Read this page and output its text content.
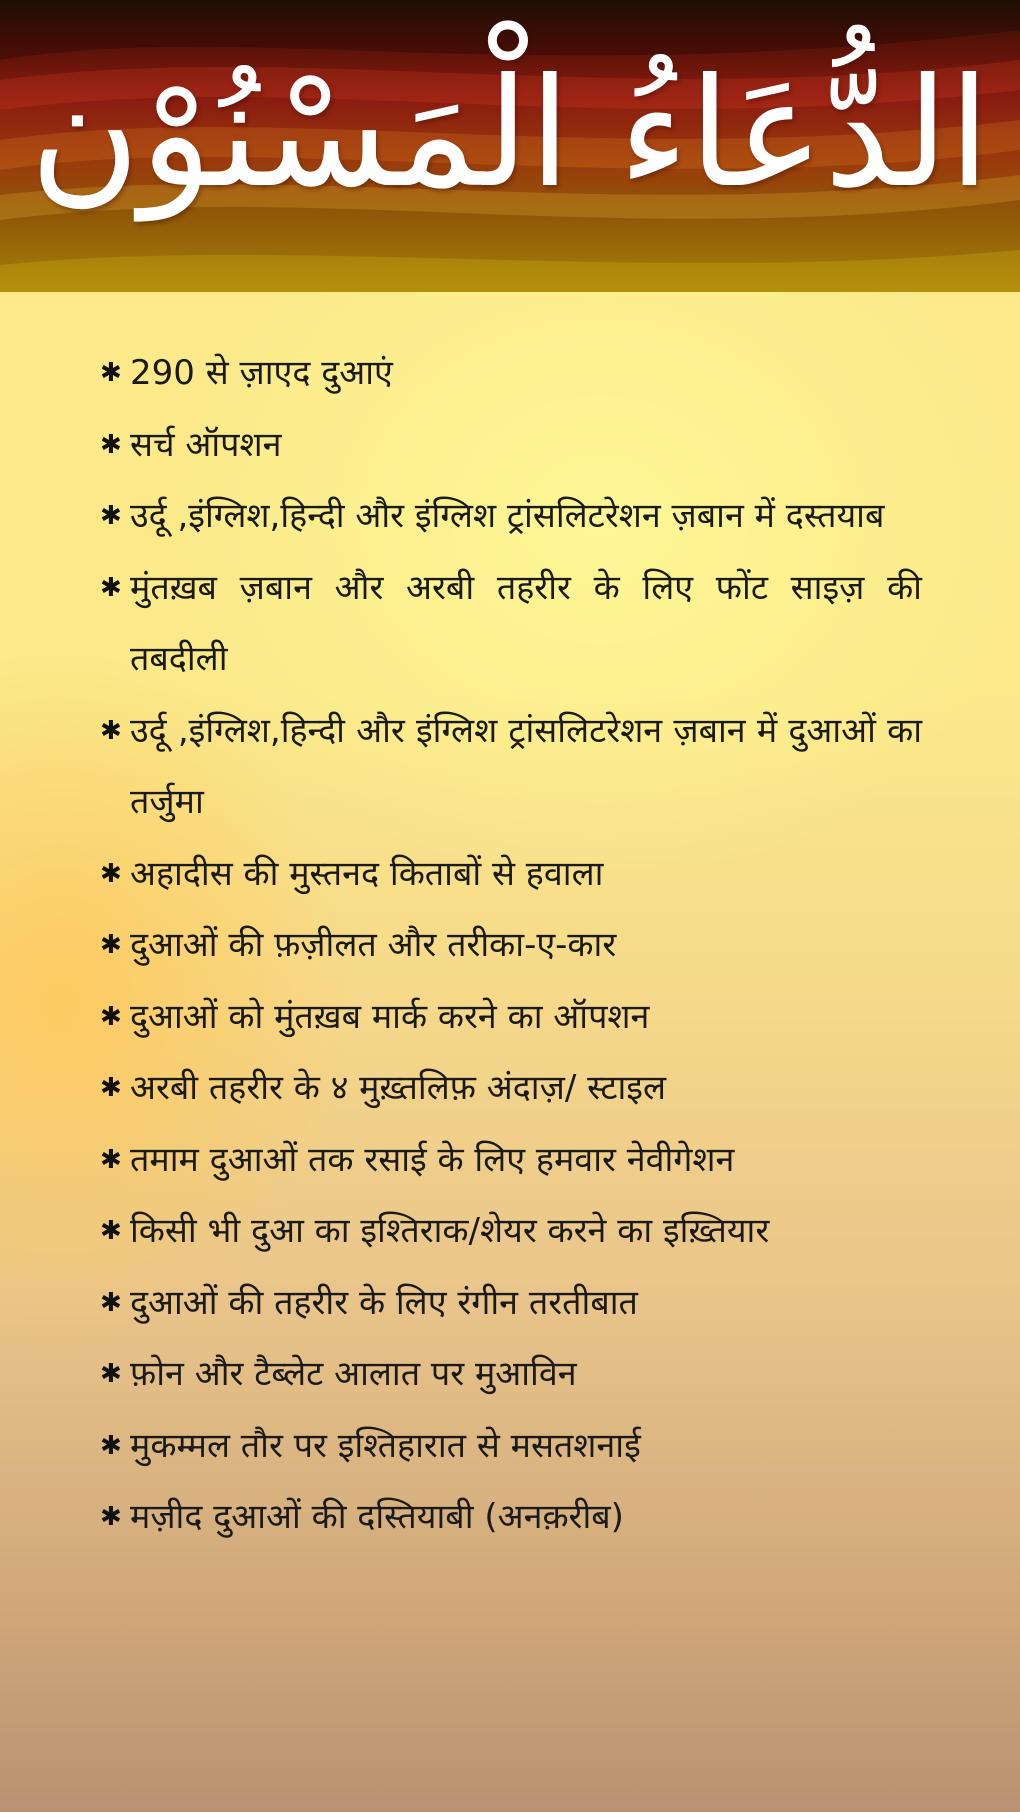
الدُّعَاءُ الْمَسْنُوْن
✱ 290 से ज़ाएद दुआएं
✱ सर्च ऑपशन
✱ उर्दू ,इंग्लिश,हिन्दी और इंग्लिश ट्रांसलिटरेशन ज़बान में दस्तयाब
✱ मुंतख़ब ज़बान और अरबी तहरीर के लिए फोंट साइज़ की तबदीली
✱ उर्दू ,इंग्लिश,हिन्दी और इंग्लिश ट्रांसलिटरेशन ज़बान में दुआओं का तर्जुमा
✱ अहादीस की मुस्तनद किताबों से हवाला
✱ दुआओं की फ़ज़ीलत और तरीका-ए-कार
✱ दुआओं को मुंतख़ब मार्क करने का ऑपशन
✱ अरबी तहरीर के ४ मुख़्तलिफ़ अंदाज़/ स्टाइल
✱ तमाम दुआओं तक रसाई के लिए हमवार नेवीगेशन
✱ किसी भी दुआ का इश्तिराक/शेयर करने का इख़्तियार
✱ दुआओं की तहरीर के लिए रंगीन तरतीबात
✱ फ़ोन और टैब्लेट आलात पर मुआविन
✱ मुकम्मल तौर पर इश्तिहारात से मसतशनाई
✱ मज़ीद दुआओं की दस्तियाबी (अनक़रीब)
